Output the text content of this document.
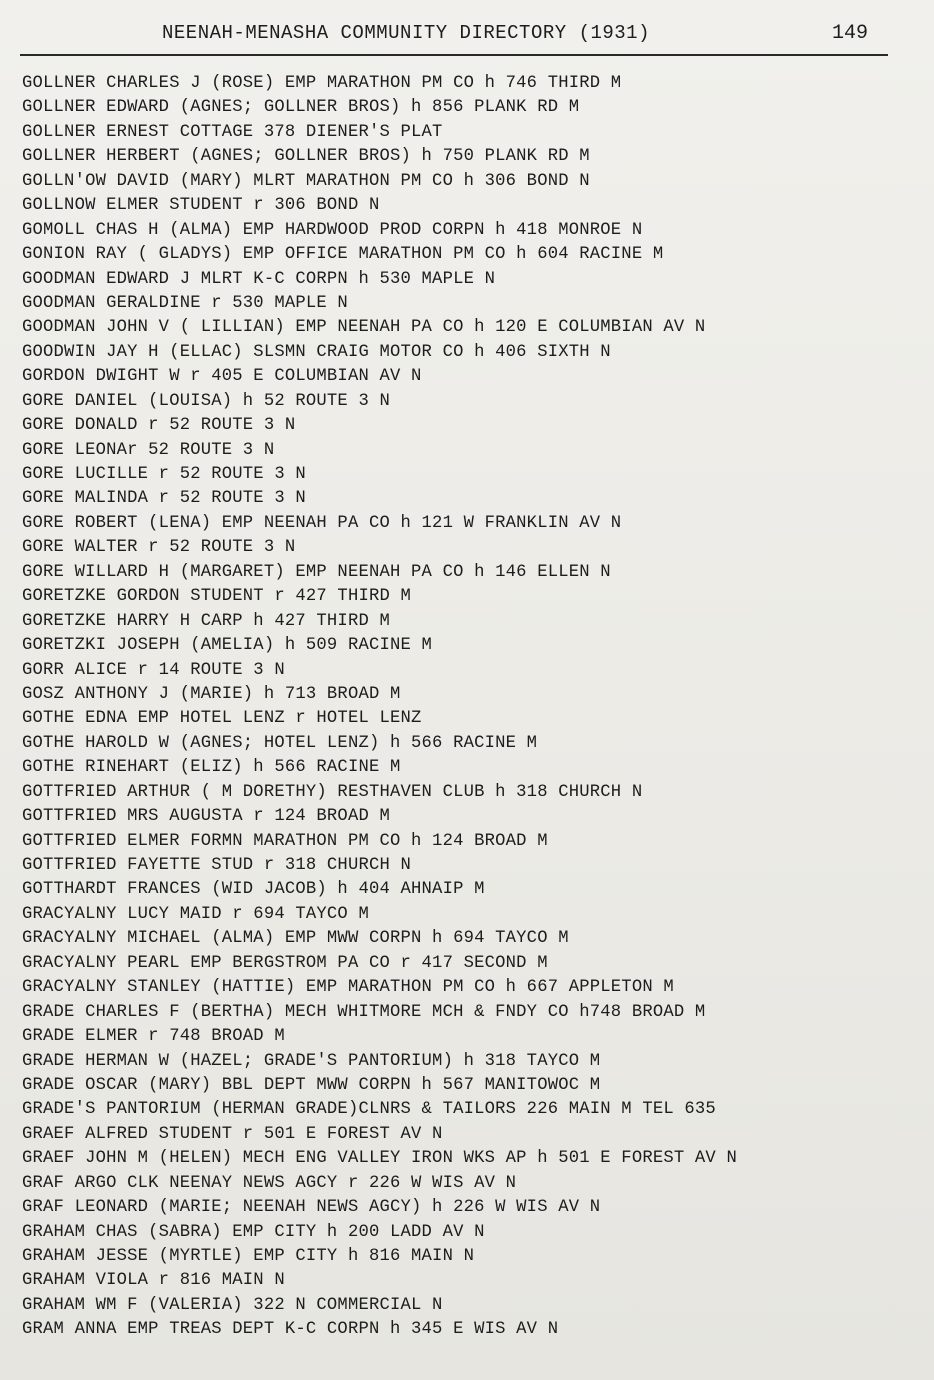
NEENAH-MENASHA COMMUNITY DIRECTORY (1931)	149
GOLLNER CHARLES J (ROSE) EMP MARATHON PM CO h 746 THIRD M
GOLLNER EDWARD (AGNES; GOLLNER BROS) h 856 PLANK RD M
GOLLNER ERNEST COTTAGE 378 DIENER'S PLAT
GOLLNER HERBERT (AGNES; GOLLNER BROS) h 750 PLANK RD M
GOLLN'OW DAVID (MARY) MLRT MARATHON PM CO h 306 BOND N
GOLLNOW ELMER STUDENT r 306 BOND N
GOMOLL CHAS H (ALMA) EMP HARDWOOD PROD CORPN h 418 MONROE N
GONION RAY ( GLADYS) EMP OFFICE MARATHON PM CO h 604 RACINE M
GOODMAN EDWARD J MLRT K-C CORPN h 530 MAPLE N
GOODMAN GERALDINE r 530 MAPLE N
GOODMAN JOHN V ( LILLIAN) EMP NEENAH PA CO h 120 E COLUMBIAN AV N
GOODWIN JAY H (ELLAC) SLSMN CRAIG MOTOR CO h 406 SIXTH N
GORDON DWIGHT W r 405 E COLUMBIAN AV N
GORE DANIEL (LOUISA) h 52 ROUTE 3 N
GORE DONALD r 52 ROUTE 3 N
GORE LEONAr 52 ROUTE 3 N
GORE LUCILLE r 52 ROUTE 3 N
GORE MALINDA r 52 ROUTE 3 N
GORE ROBERT (LENA) EMP NEENAH PA CO h 121 W FRANKLIN AV N
GORE WALTER r 52 ROUTE 3 N
GORE WILLARD H (MARGARET) EMP NEENAH PA CO h 146 ELLEN N
GORETZKE GORDON STUDENT r 427 THIRD M
GORETZKE HARRY H CARP h 427 THIRD M
GORETZKI JOSEPH (AMELIA) h 509 RACINE M
GORR ALICE r 14 ROUTE 3 N
GOSZ ANTHONY J (MARIE) h 713 BROAD M
GOTHE EDNA EMP HOTEL LENZ r HOTEL LENZ
GOTHE HAROLD W (AGNES; HOTEL LENZ) h 566 RACINE M
GOTHE RINEHART (ELIZ) h 566 RACINE M
GOTTFRIED ARTHUR ( M DORETHY) RESTHAVEN CLUB h 318 CHURCH N
GOTTFRIED MRS AUGUSTA r 124 BROAD M
GOTTFRIED ELMER FORMN MARATHON PM CO h 124 BROAD M
GOTTFRIED FAYETTE STUD r 318 CHURCH N
GOTTHARDT FRANCES (WID JACOB) h 404 AHNAIP M
GRACYALNY LUCY MAID r 694 TAYCO M
GRACYALNY MICHAEL (ALMA) EMP MWW CORPN h 694 TAYCO M
GRACYALNY PEARL EMP BERGSTROM PA CO r 417 SECOND M
GRACYALNY STANLEY (HATTIE) EMP MARATHON PM CO h 667 APPLETON M
GRADE CHARLES F (BERTHA) MECH WHITMORE MCH & FNDY CO h748 BROAD M
GRADE ELMER r 748 BROAD M
GRADE HERMAN W (HAZEL; GRADE'S PANTORIUM) h 318 TAYCO M
GRADE OSCAR (MARY) BBL DEPT MWW CORPN h 567 MANITOWOC M
GRADE'S PANTORIUM (HERMAN GRADE)CLNRS & TAILORS 226 MAIN M TEL 635
GRAEF ALFRED STUDENT r 501 E FOREST AV N
GRAEF JOHN M (HELEN) MECH ENG VALLEY IRON WKS AP h 501 E FOREST AV N
GRAF ARGO CLK NEENAY NEWS AGCY r 226 W WIS AV N
GRAF LEONARD (MARIE; NEENAH NEWS AGCY) h 226 W WIS AV N
GRAHAM CHAS (SABRA) EMP CITY h 200 LADD AV N
GRAHAM JESSE (MYRTLE) EMP CITY h 816 MAIN N
GRAHAM VIOLA r 816 MAIN N
GRAHAM WM F (VALERIA) 322 N COMMERCIAL N
GRAM ANNA EMP TREAS DEPT K-C CORPN h 345 E WIS AV N
